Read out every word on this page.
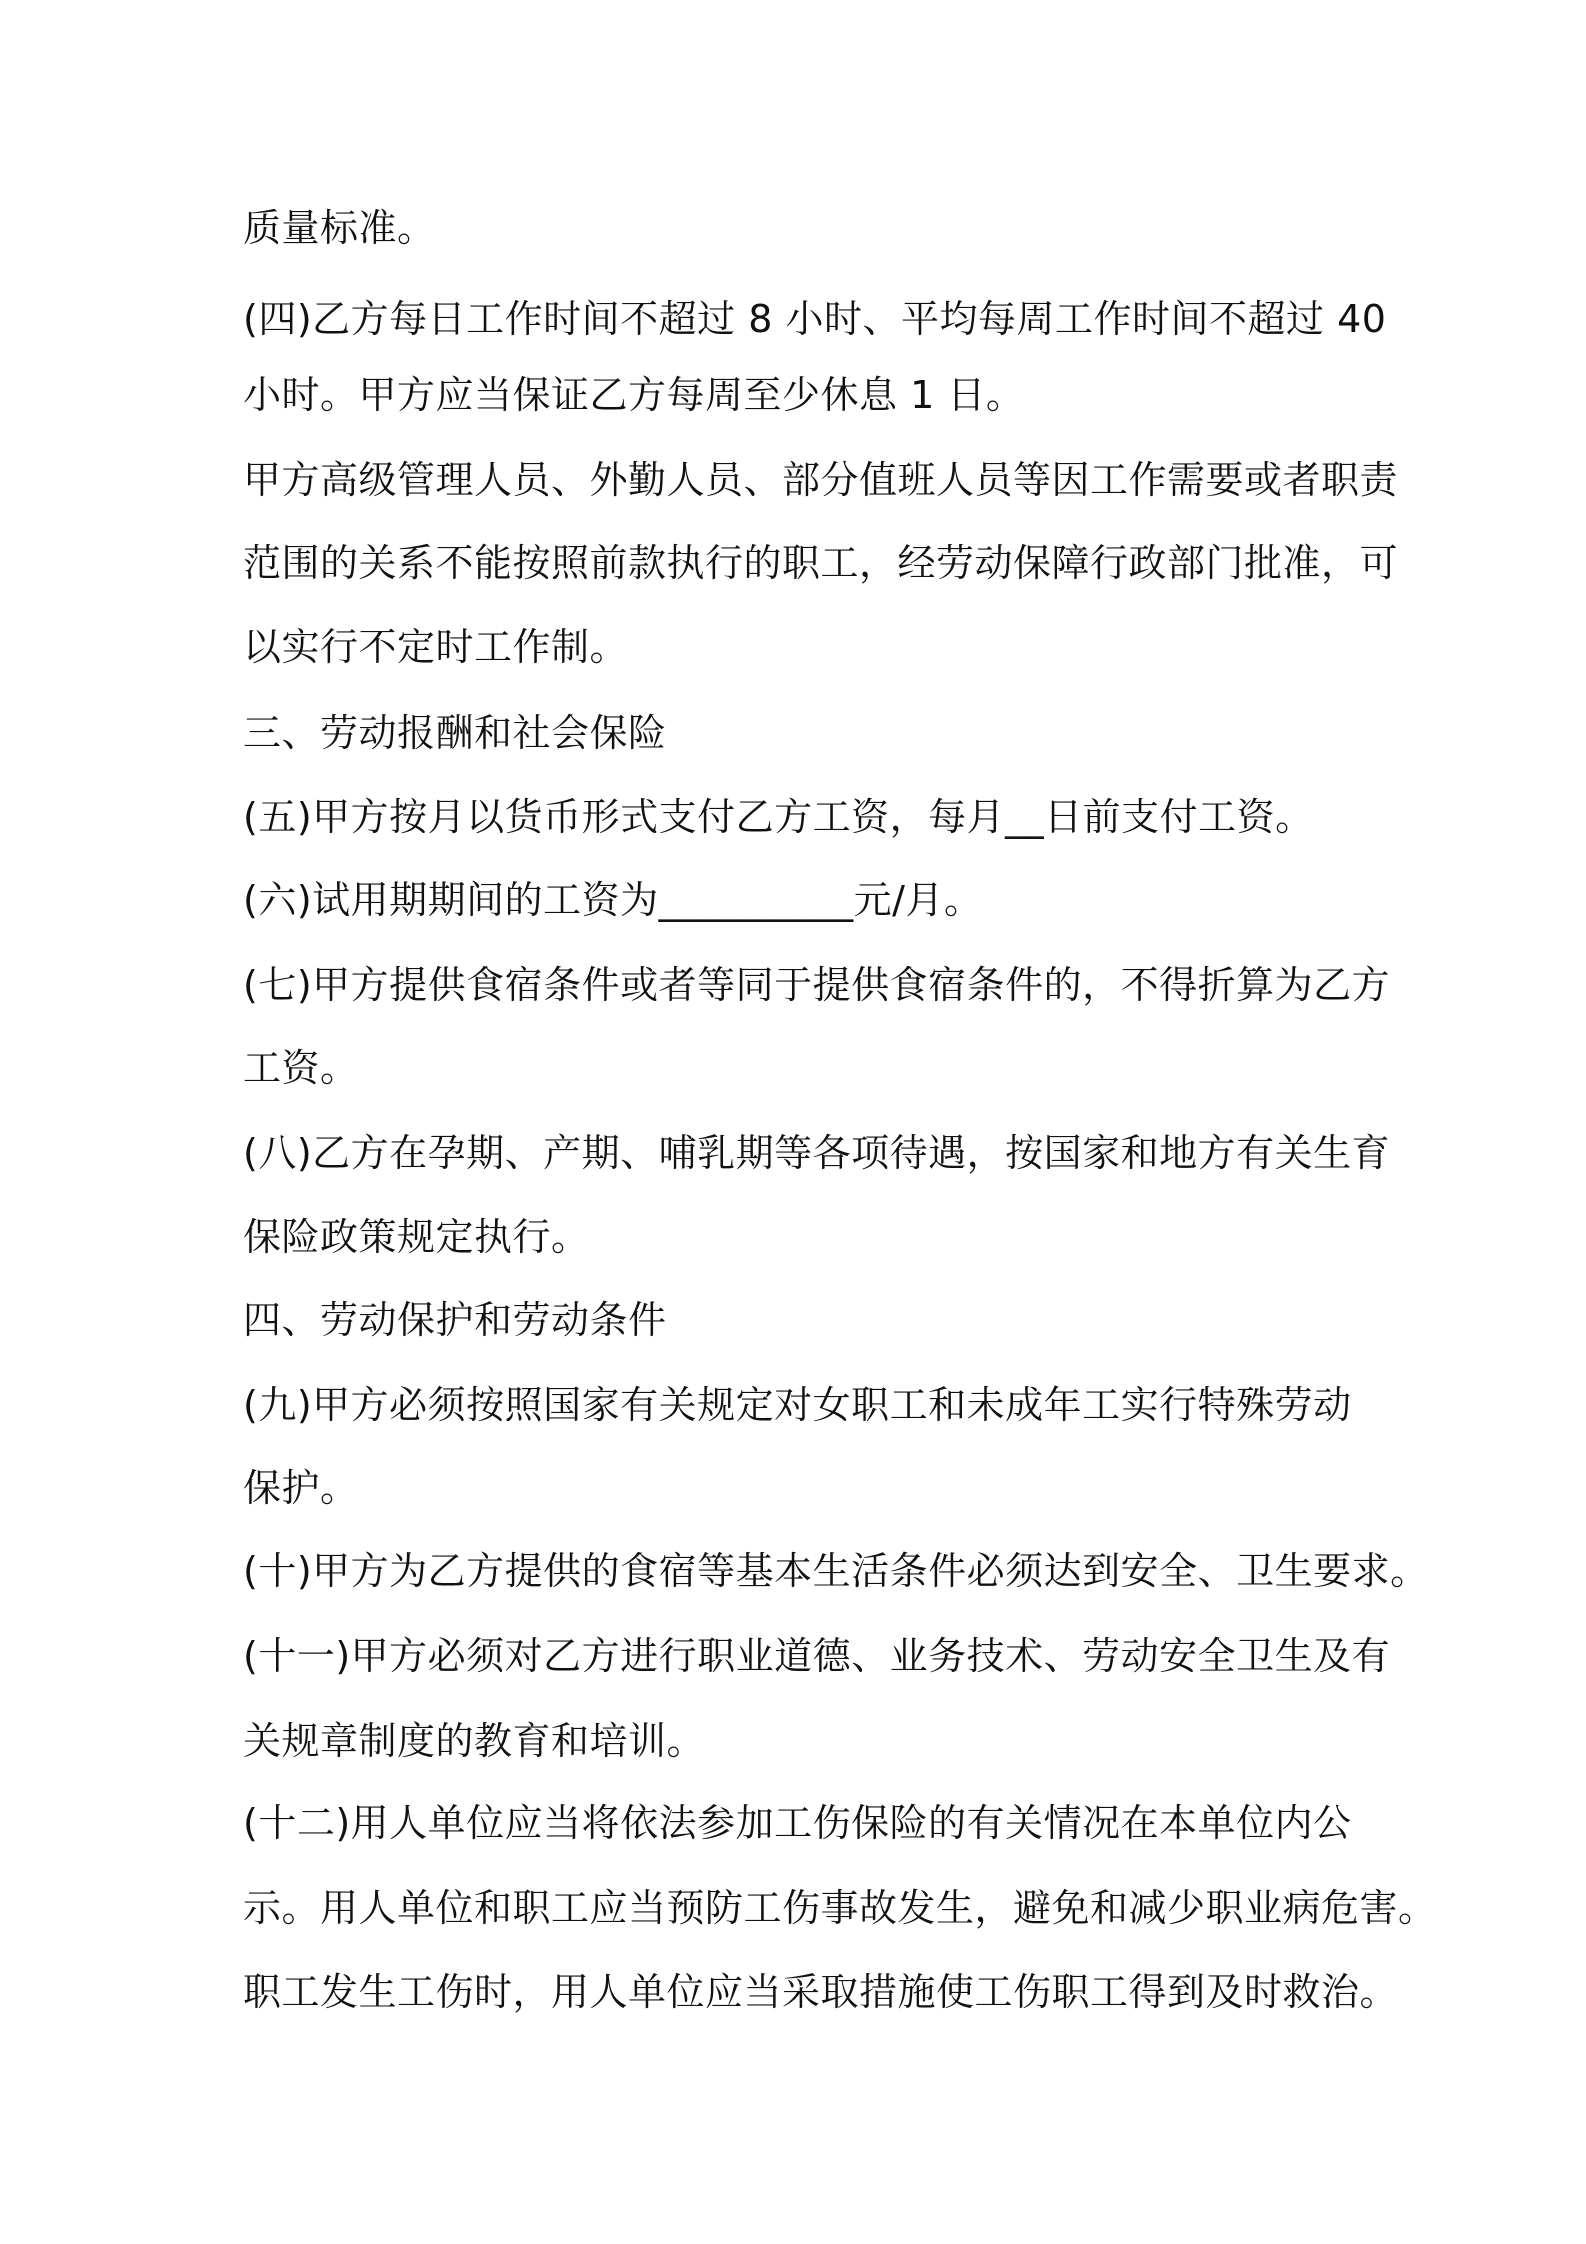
质量标准。

(四)乙方每日工作时间不超过 8 小时、平均每周工作时间不超过 40

小时。甲方应当保证乙方每周至少休息 1 日。

甲方高级管理人员、外勤人员、部分值班人员等因工作需要或者职责

范围的关系不能按照前款执行的职工，经劳动保障行政部门批准，可

以实行不定时工作制。

三、劳动报酬和社会保险

(五)甲方按月以货币形式支付乙方工资，每月__日前支付工资。

(六)试用期期间的工资为__________元/月。

(七)甲方提供食宿条件或者等同于提供食宿条件的，不得折算为乙方

工资。

(八)乙方在孕期、产期、哺乳期等各项待遇，按国家和地方有关生育

保险政策规定执行。

四、劳动保护和劳动条件

(九)甲方必须按照国家有关规定对女职工和未成年工实行特殊劳动

保护。

(十)甲方为乙方提供的食宿等基本生活条件必须达到安全、卫生要求。

(十一)甲方必须对乙方进行职业道德、业务技术、劳动安全卫生及有

关规章制度的教育和培训。

(十二)用人单位应当将依法参加工伤保险的有关情况在本单位内公

示。用人单位和职工应当预防工伤事故发生，避免和减少职业病危害。

职工发生工伤时，用人单位应当采取措施使工伤职工得到及时救治。
